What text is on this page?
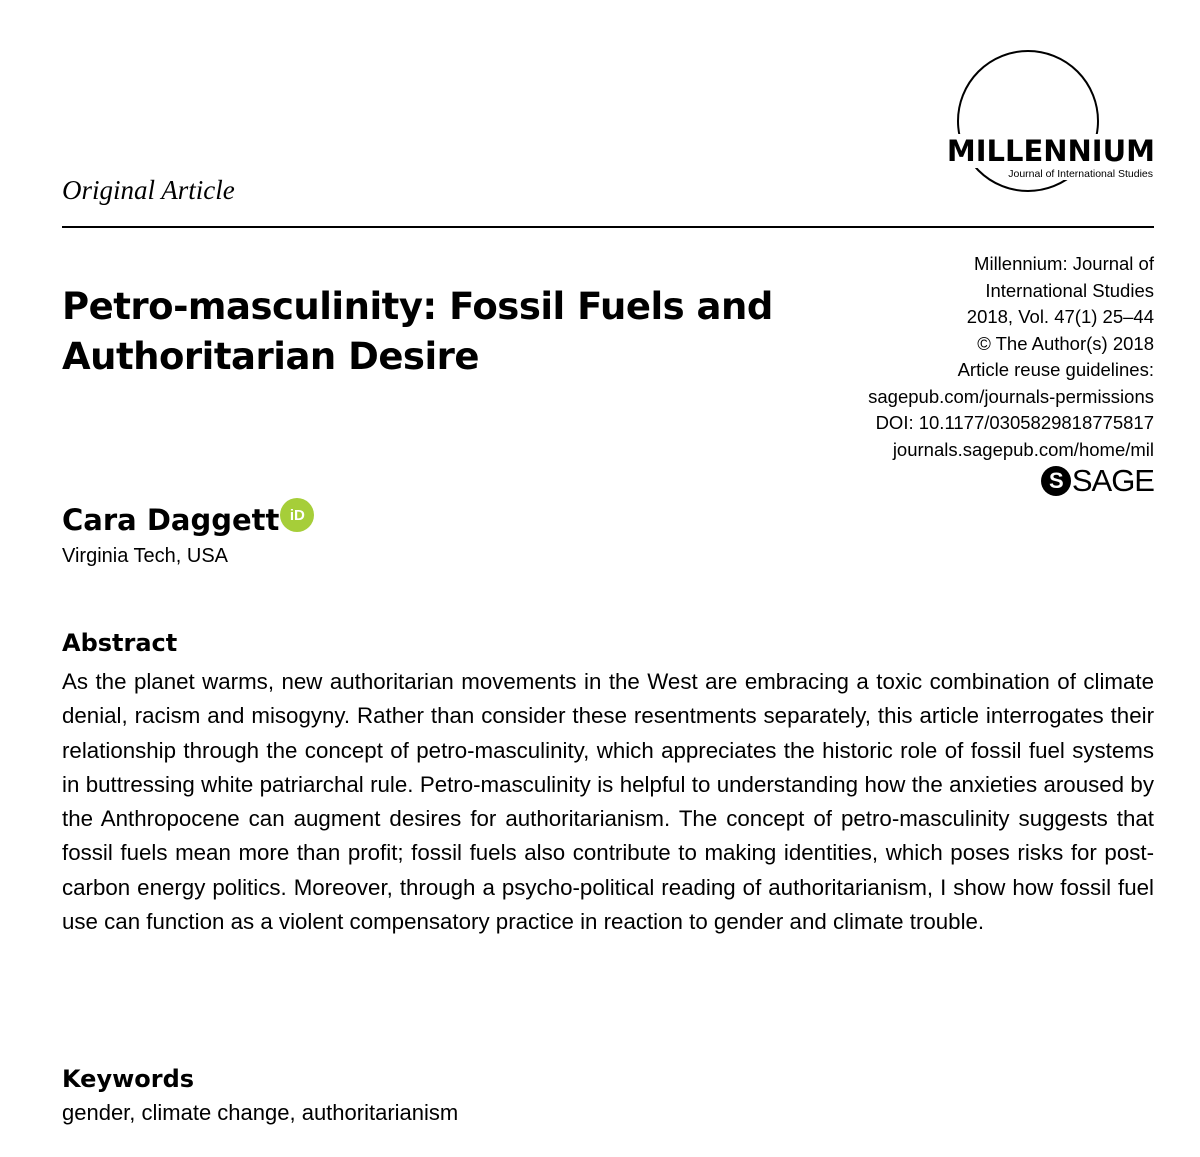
MILLENNIUM
Journal of International Studies
Original Article
Petro-masculinity: Fossil Fuels and Authoritarian Desire
Millennium: Journal of
International Studies
2018, Vol. 47(1) 25–44
© The Author(s) 2018
Article reuse guidelines:
sagepub.com/journals-permissions
DOI: 10.1177/0305829818775817
journals.sagepub.com/home/mil
S SAGE
Cara Daggett iD
Virginia Tech, USA
Abstract
As the planet warms, new authoritarian movements in the West are embracing a toxic combination of climate denial, racism and misogyny. Rather than consider these resentments separately, this article interrogates their relationship through the concept of petro-masculinity, which appreciates the historic role of fossil fuel systems in buttressing white patriarchal rule. Petro-masculinity is helpful to understanding how the anxieties aroused by the Anthropocene can augment desires for authoritarianism. The concept of petro-masculinity suggests that fossil fuels mean more than profit; fossil fuels also contribute to making identities, which poses risks for post-carbon energy politics. Moreover, through a psycho-political reading of authoritarianism, I show how fossil fuel use can function as a violent compensatory practice in reaction to gender and climate trouble.
Keywords
gender, climate change, authoritarianism
